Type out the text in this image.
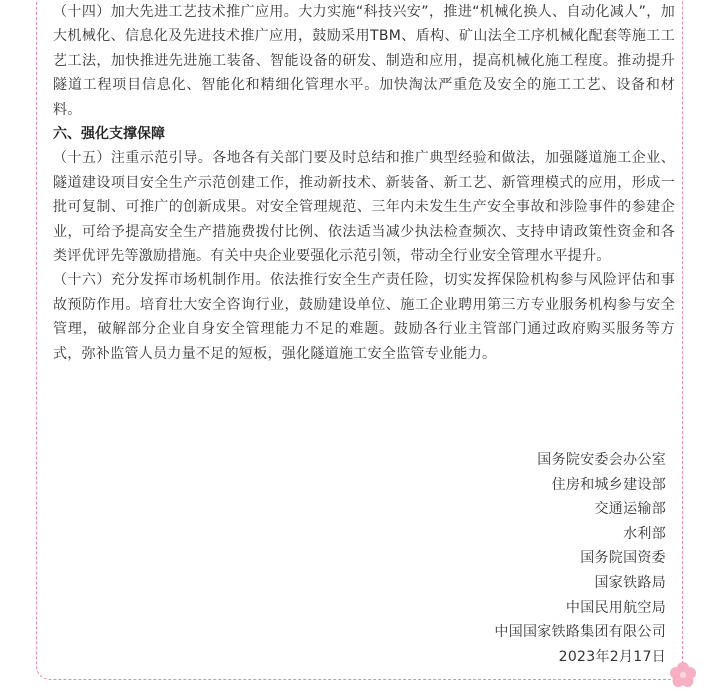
（十四）加大先进工艺技术推广应用。大力实施“科技兴安”，推进“机械化换人、自动化减人”，加大机械化、信息化及先进技术推广应用，鼓励采用TBM、盾构、矿山法全工序机械化配套等施工工艺工法，加快推进先进施工装备、智能设备的研发、制造和应用，提高机械化施工程度。推动提升隧道工程项目信息化、智能化和精细化管理水平。加快淘汰严重危及安全的施工工艺、设备和材料。

六、强化支撑保障

（十五）注重示范引导。各地各有关部门要及时总结和推广典型经验和做法，加强隧道施工企业、隧道建设项目安全生产示范创建工作，推动新技术、新装备、新工艺、新管理模式的应用，形成一批可复制、可推广的创新成果。对安全管理规范、三年内未发生生产安全事故和涉险事件的参建企业，可给予提高安全生产措施费拨付比例、依法适当减少执法检查频次、支持申请政策性资金和各类评优评先等激励措施。有关中央企业要强化示范引领，带动全行业安全管理水平提升。

（十六）充分发挥市场机制作用。依法推行安全生产责任险，切实发挥保险机构参与风险评估和事故预防作用。培育壮大安全咨询行业，鼓励建设单位、施工企业聘用第三方专业服务机构参与安全管理，破解部分企业自身安全管理能力不足的难题。鼓励各行业主管部门通过政府购买服务等方式，弥补监管人员力量不足的短板，强化隧道施工安全监管专业能力。

国务院安委会办公室
住房和城乡建设部
交通运输部
水利部
国务院国资委
国家铁路局
中国民用航空局
中国国家铁路集团有限公司
2023年2月17日
